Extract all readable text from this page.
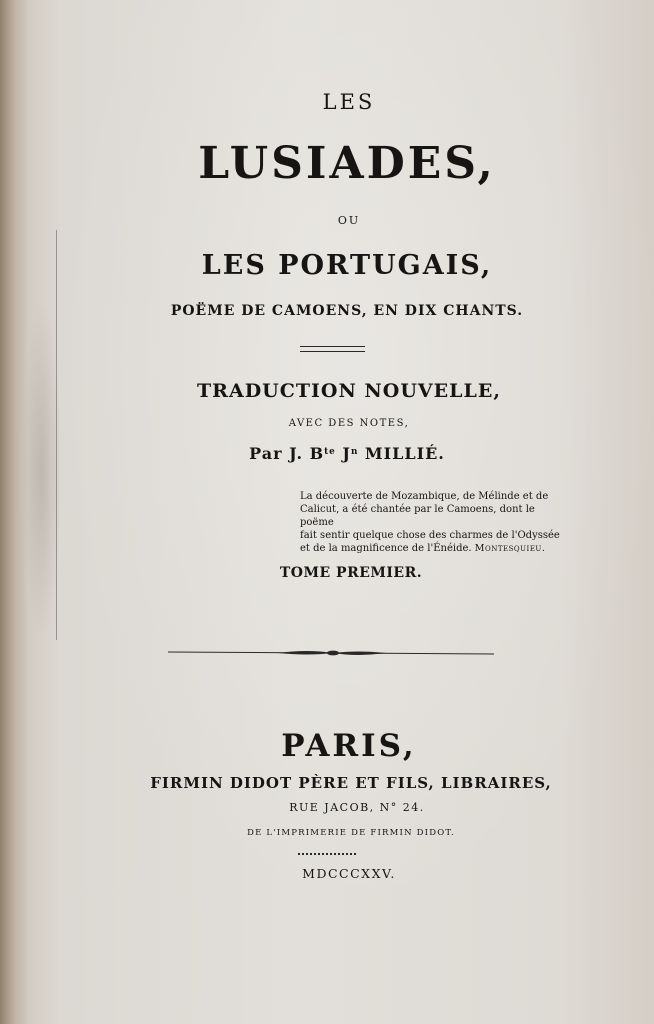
LES
LUSIADES,
OU
LES PORTUGAIS,
POËME DE CAMOENS, EN DIX CHANTS.
TRADUCTION NOUVELLE,
AVEC DES NOTES,
Par J. $B^{te}$ $J^n$ MILLIÉ.
La découverte de Mozambique, de Mélinde et de
Calicut, a été chantée par le Camoens, dont le poëme
fait sentir quelque chose des charmes de l'Odyssée
et de la magnificence de l'Énéide. Montesquieu.
TOME PREMIER.
PARIS,
FIRMIN DIDOT PÈRE ET FILS, LIBRAIRES,
RUE JACOB, N° 24.
DE L'IMPRIMERIE DE FIRMIN DIDOT.
MDCCCXXV.
